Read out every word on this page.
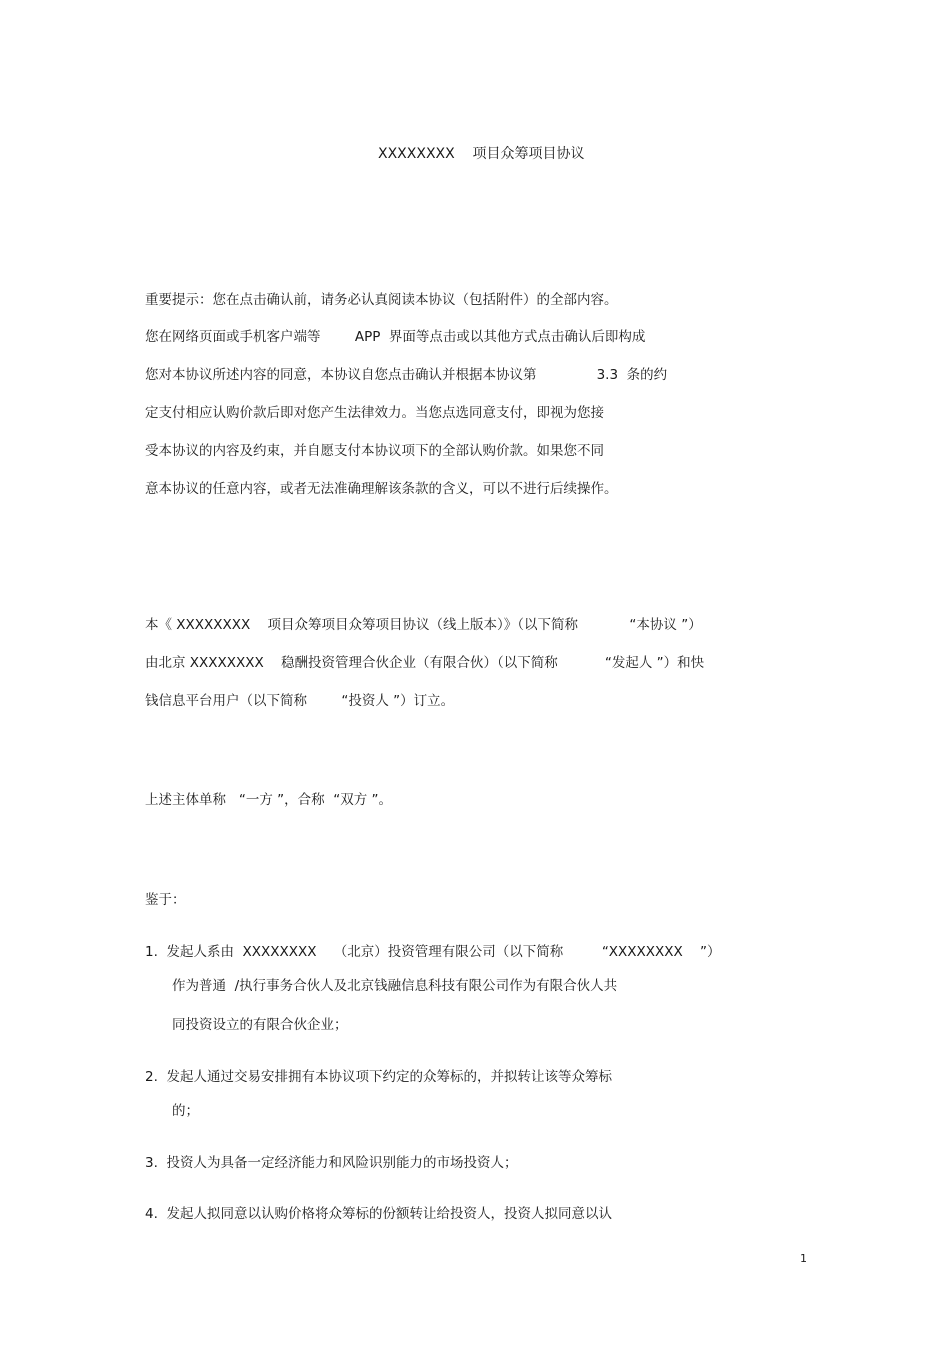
XXXXXXXX    项目众筹项目协议
重要提示：您在点击确认前，请务必认真阅读本协议（包括附件）的全部内容。
您在网络页面或手机客户端等        APP  界面等点击或以其他方式点击确认后即构成
您对本协议所述内容的同意，本协议自您点击确认并根据本协议第              3.3  条的约
定支付相应认购价款后即对您产生法律效力。当您点选同意支付，即视为您接
受本协议的内容及约束，并自愿支付本协议项下的全部认购价款。如果您不同
意本协议的任意内容，或者无法准确理解该条款的含义，可以不进行后续操作。
本《 XXXXXXXX    项目众筹项目众筹项目协议（线上版本）》（以下简称            “本协议 ”）
由北京 XXXXXXXX    稳酬投资管理合伙企业（有限合伙）（以下简称           “发起人 ”）和快
钱信息平台用户（以下简称        “投资人 ”）订立。
上述主体单称   “一方 ”，合称  “双方 ”。
鉴于：
1.  发起人系由  XXXXXXXX    （北京）投资管理有限公司（以下简称         “XXXXXXXX    ”）
作为普通  /执行事务合伙人及北京钱融信息科技有限公司作为有限合伙人共
同投资设立的有限合伙企业；
2.  发起人通过交易安排拥有本协议项下约定的众筹标的，并拟转让该等众筹标
的；
3.  投资人为具备一定经济能力和风险识别能力的市场投资人；
4.  发起人拟同意以认购价格将众筹标的份额转让给投资人，投资人拟同意以认
1
